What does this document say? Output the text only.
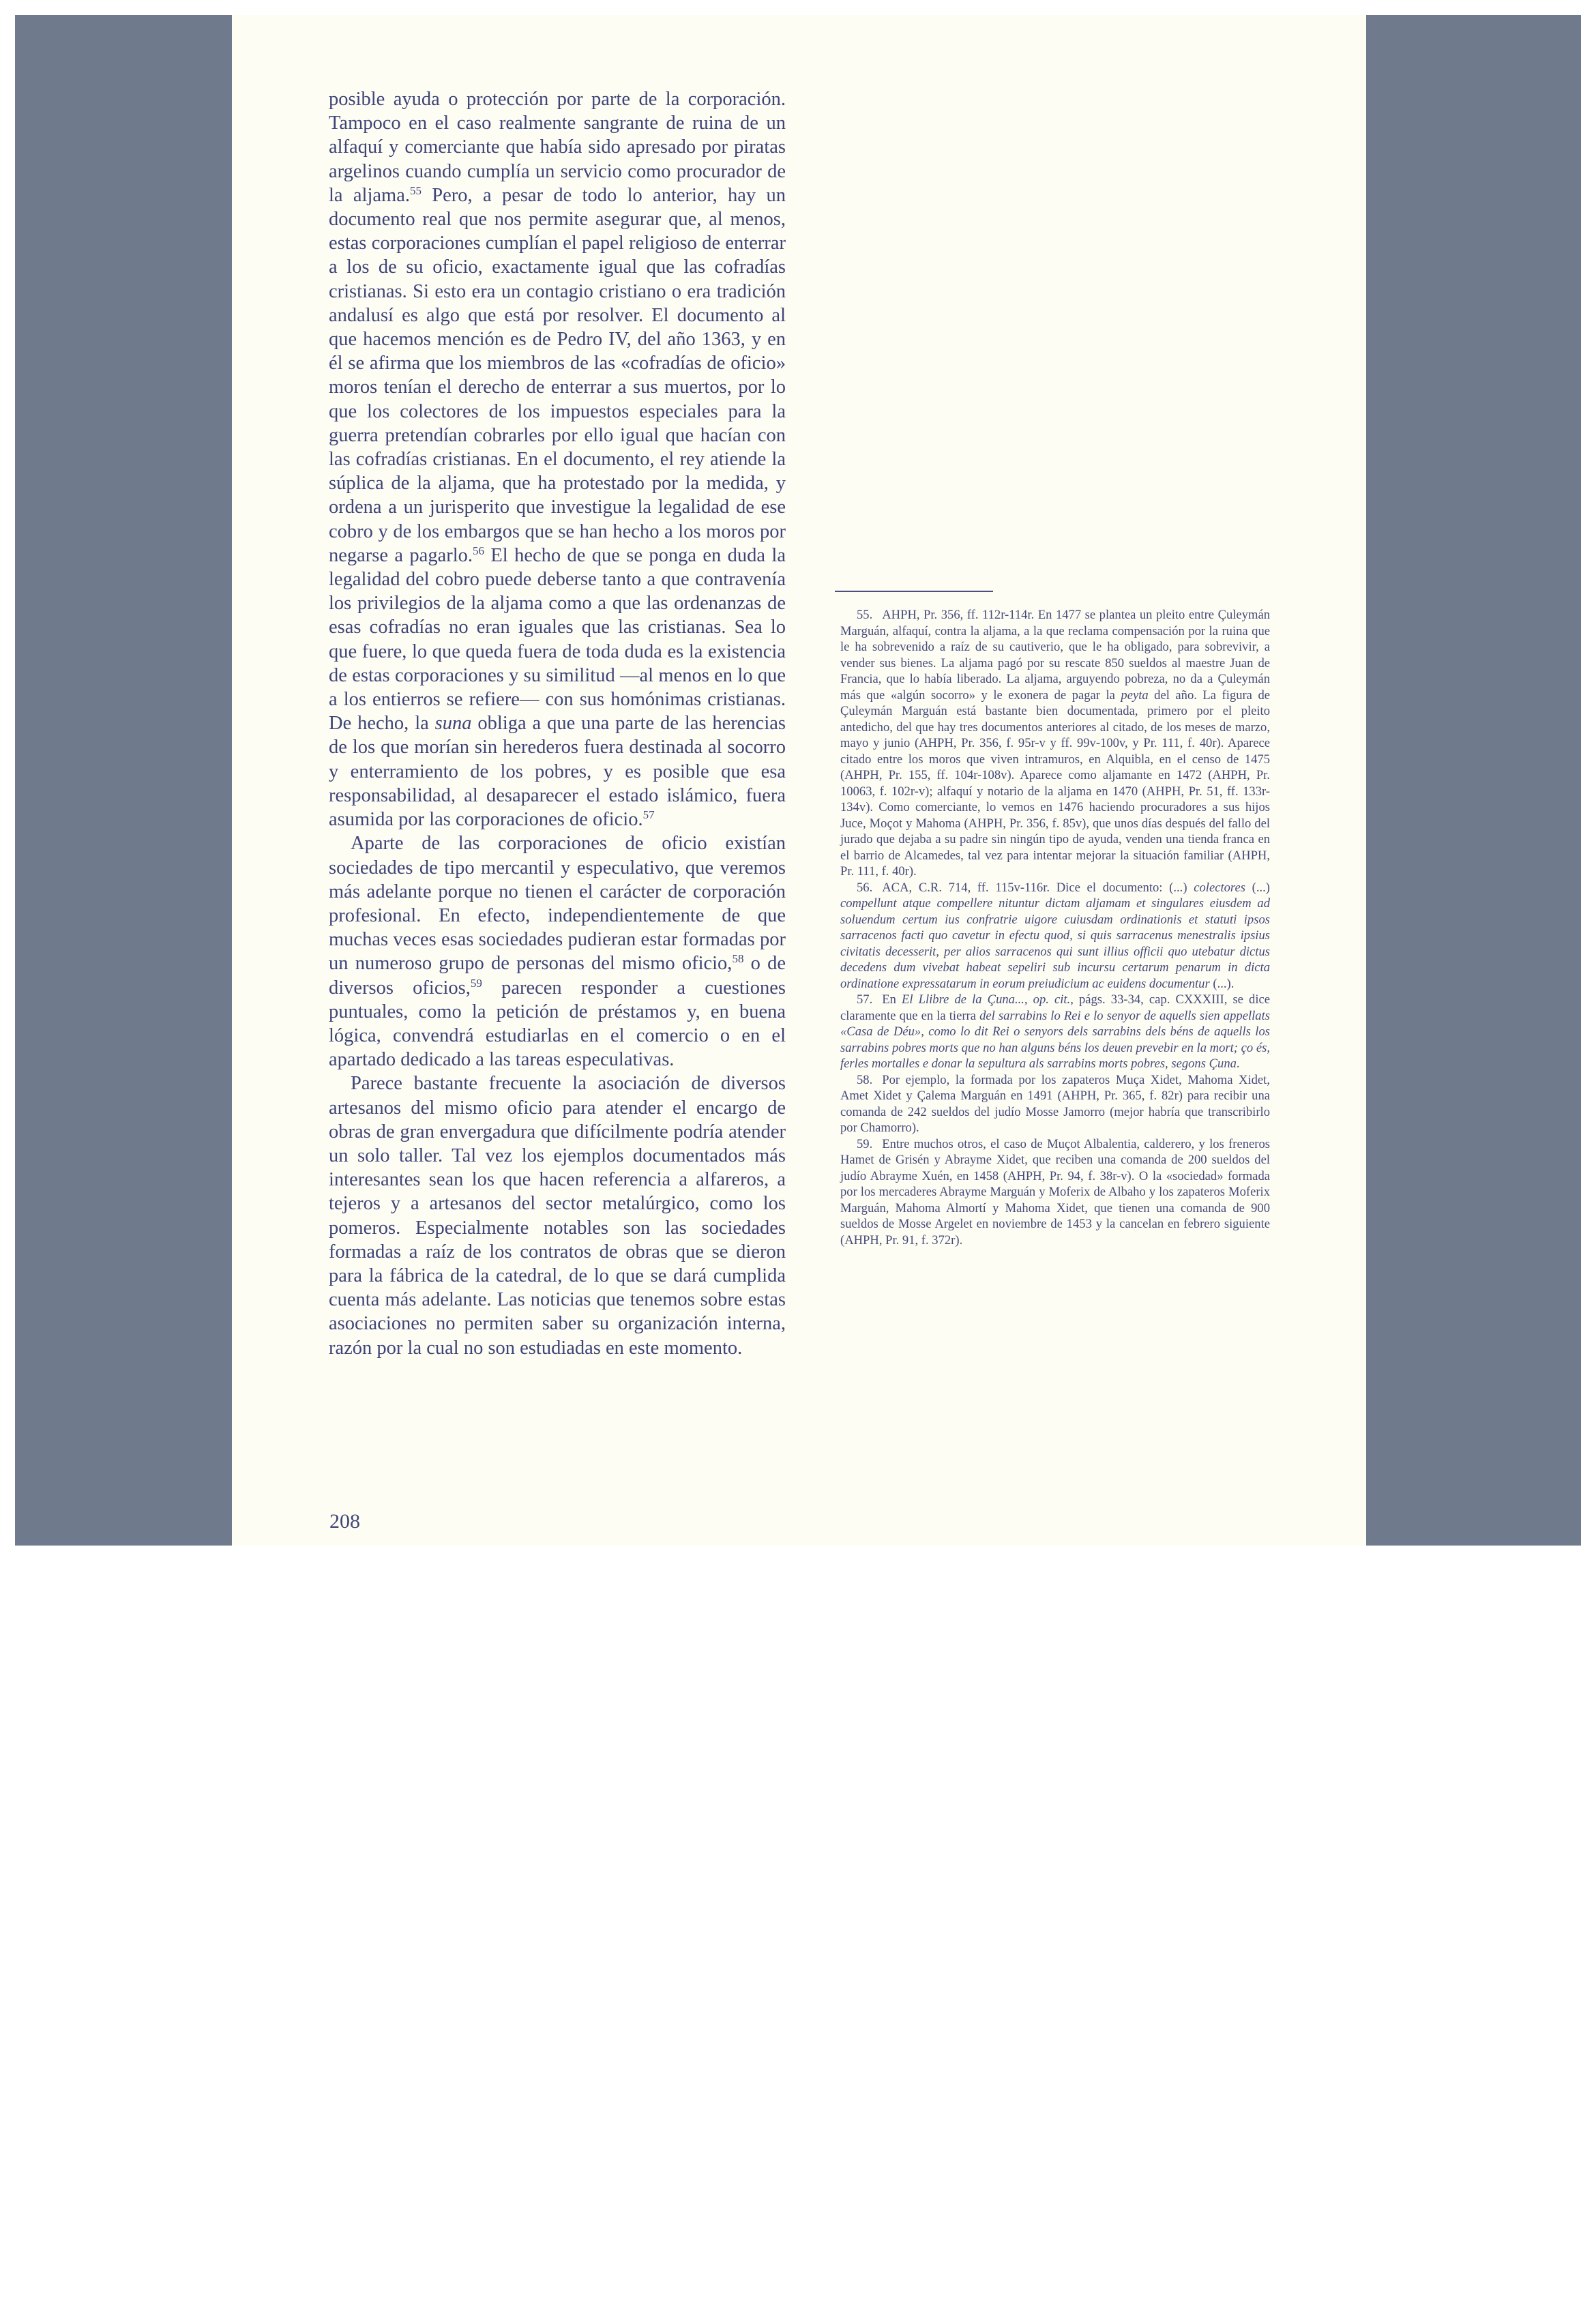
posible ayuda o protección por parte de la corporación. Tampoco en el caso realmente sangrante de ruina de un alfaquí y comerciante que había sido apresado por piratas argelinos cuando cumplía un servicio como procurador de la aljama.$^{55}$ Pero, a pesar de todo lo anterior, hay un documento real que nos permite asegurar que, al menos, estas corporaciones cumplían el papel religioso de enterrar a los de su oficio, exactamente igual que las cofradías cristianas. Si esto era un contagio cristiano o era tradición andalusí es algo que está por resolver. El documento al que hacemos mención es de Pedro IV, del año 1363, y en él se afirma que los miembros de las «cofradías de oficio» moros tenían el derecho de enterrar a sus muertos, por lo que los colectores de los impuestos especiales para la guerra pretendían cobrarles por ello igual que hacían con las cofradías cristianas. En el documento, el rey atiende la súplica de la aljama, que ha protestado por la medida, y ordena a un jurisperito que investigue la legalidad de ese cobro y de los embargos que se han hecho a los moros por negarse a pagarlo.$^{56}$ El hecho de que se ponga en duda la legalidad del cobro puede deberse tanto a que contravenía los privilegios de la aljama como a que las ordenanzas de esas cofradías no eran iguales que las cristianas. Sea lo que fuere, lo que queda fuera de toda duda es la existencia de estas corporaciones y su similitud —al menos en lo que a los entierros se refiere— con sus homónimas cristianas. De hecho, la suna obliga a que una parte de las herencias de los que morían sin herederos fuera destinada al socorro y enterramiento de los pobres, y es posible que esa responsabilidad, al desaparecer el estado islámico, fuera asumida por las corporaciones de oficio.$^{57}$

Aparte de las corporaciones de oficio existían sociedades de tipo mercantil y especulativo, que veremos más adelante porque no tienen el carácter de corporación profesional. En efecto, independientemente de que muchas veces esas sociedades pudieran estar formadas por un numeroso grupo de personas del mismo oficio,$^{58}$ o de diversos oficios,$^{59}$ parecen responder a cuestiones puntuales, como la petición de préstamos y, en buena lógica, convendrá estudiarlas en el comercio o en el apartado dedicado a las tareas especulativas.

Parece bastante frecuente la asociación de diversos artesanos del mismo oficio para atender el encargo de obras de gran envergadura que difícilmente podría atender un solo taller. Tal vez los ejemplos documentados más interesantes sean los que hacen referencia a alfareros, a tejeros y a artesanos del sector metalúrgico, como los pomeros. Especialmente notables son las sociedades formadas a raíz de los contratos de obras que se dieron para la fábrica de la catedral, de lo que se dará cumplida cuenta más adelante. Las noticias que tenemos sobre estas asociaciones no permiten saber su organización interna, razón por la cual no son estudiadas en este momento.

55. AHPH, Pr. 356, ff. 112r-114r. En 1477 se plantea un pleito entre Çuleymán Marguán, alfaquí, contra la aljama, a la que reclama compensación por la ruina que le ha sobrevenido a raíz de su cautiverio, que le ha obligado, para sobrevivir, a vender sus bienes. La aljama pagó por su rescate 850 sueldos al maestre Juan de Francia, que lo había liberado. La aljama, arguyendo pobreza, no da a Çuleymán más que «algún socorro» y le exonera de pagar la peyta del año. La figura de Çuleymán Marguán está bastante bien documentada, primero por el pleito antedicho, del que hay tres documentos anteriores al citado, de los meses de marzo, mayo y junio (AHPH, Pr. 356, f. 95r-v y ff. 99v-100v, y Pr. 111, f. 40r). Aparece citado entre los moros que viven intramuros, en Alquibla, en el censo de 1475 (AHPH, Pr. 155, ff. 104r-108v). Aparece como aljamante en 1472 (AHPH, Pr. 10063, f. 102r-v); alfaquí y notario de la aljama en 1470 (AHPH, Pr. 51, ff. 133r-134v). Como comerciante, lo vemos en 1476 haciendo procuradores a sus hijos Juce, Moçot y Mahoma (AHPH, Pr. 356, f. 85v), que unos días después del fallo del jurado que dejaba a su padre sin ningún tipo de ayuda, venden una tienda franca en el barrio de Alcamedes, tal vez para intentar mejorar la situación familiar (AHPH, Pr. 111, f. 40r).

56. ACA, C.R. 714, ff. 115v-116r. Dice el documento: (...) colectores (...) compellunt atque compellere nituntur dictam aljamam et singulares eiusdem ad soluendum certum ius confratrie uigore cuiusdam ordinationis et statuti ipsos sarracenos facti quo cavetur in efectu quod, si quis sarracenus menestralis ipsius civitatis decesserit, per alios sarracenos qui sunt illius officii quo utebatur dictus decedens dum vivebat habeat sepeliri sub incursu certarum penarum in dicta ordinatione expressatarum in eorum preiudicium ac euidens documentur (...).

57. En El Llibre de la Çuna..., op. cit., págs. 33-34, cap. CXXXIII, se dice claramente que en la tierra del sarrabins lo Rei e lo senyor de aquells sien appellats «Casa de Déu», como lo dit Rei o senyors dels sarrabins dels béns de aquells los sarrabins pobres morts que no han alguns béns los deuen prevebir en la mort; ço és, ferles mortalles e donar la sepultura als sarrabins morts pobres, segons Çuna.

58. Por ejemplo, la formada por los zapateros Muça Xidet, Mahoma Xidet, Amet Xidet y Çalema Marguán en 1491 (AHPH, Pr. 365, f. 82r) para recibir una comanda de 242 sueldos del judío Mosse Jamorro (mejor habría que transcribirlo por Chamorro).

59. Entre muchos otros, el caso de Muçot Albalentia, calderero, y los freneros Hamet de Grisén y Abrayme Xidet, que reciben una comanda de 200 sueldos del judío Abrayme Xuén, en 1458 (AHPH, Pr. 94, f. 38r-v). O la «sociedad» formada por los mercaderes Abrayme Marguán y Moferix de Albaho y los zapateros Moferix Marguán, Mahoma Almortí y Mahoma Xidet, que tienen una comanda de 900 sueldos de Mosse Argelet en noviembre de 1453 y la cancelan en febrero siguiente (AHPH, Pr. 91, f. 372r).

208
